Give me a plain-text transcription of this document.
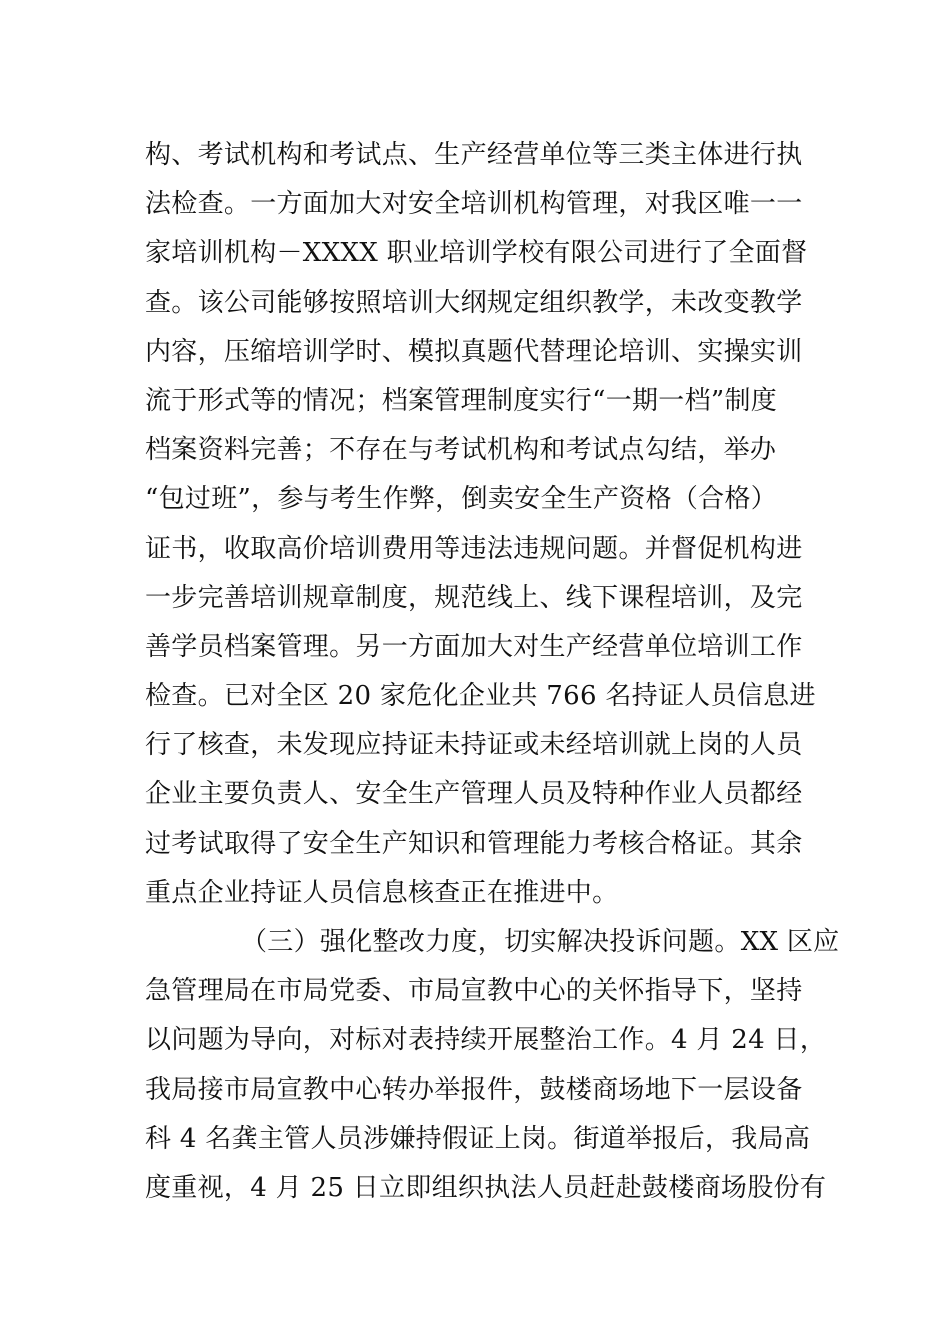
构、考试机构和考试点、生产经营单位等三类主体进行执
法检查。一方面加大对安全培训机构管理，对我区唯一一
家培训机构－XXXX 职业培训学校有限公司进行了全面督
查。该公司能够按照培训大纲规定组织教学，未改变教学
内容，压缩培训学时、模拟真题代替理论培训、实操实训
流于形式等的情况；档案管理制度实行“一期一档”制度
档案资料完善；不存在与考试机构和考试点勾结，举办
“包过班”，参与考生作弊，倒卖安全生产资格（合格）
证书，收取高价培训费用等违法违规问题。并督促机构进
一步完善培训规章制度，规范线上、线下课程培训，及完
善学员档案管理。另一方面加大对生产经营单位培训工作
检查。已对全区 20 家危化企业共 766 名持证人员信息进
行了核查，未发现应持证未持证或未经培训就上岗的人员
企业主要负责人、安全生产管理人员及特种作业人员都经
过考试取得了安全生产知识和管理能力考核合格证。其余
重点企业持证人员信息核查正在推进中。
（三）强化整改力度，切实解决投诉问题。XX 区应
急管理局在市局党委、市局宣教中心的关怀指导下，坚持
以问题为导向，对标对表持续开展整治工作。4 月 24 日，
我局接市局宣教中心转办举报件，鼓楼商场地下一层设备
科 4 名龚主管人员涉嫌持假证上岗。街道举报后，我局高
度重视，4 月 25 日立即组织执法人员赶赴鼓楼商场股份有
